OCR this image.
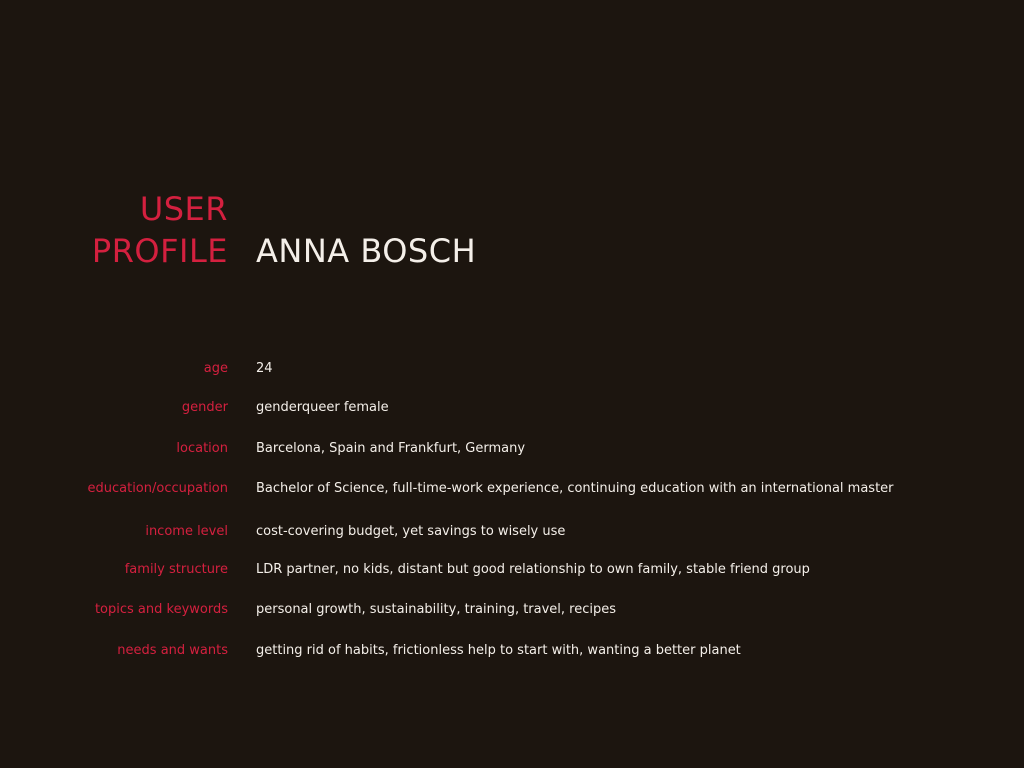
USER
PROFILE ANNA BOSCH
age 24
gender genderqueer female
location Barcelona, Spain and Frankfurt, Germany
education/occupation Bachelor of Science, full-time-work experience, continuing education with an international master
income level cost-covering budget, yet savings to wisely use
family structure LDR partner, no kids, distant but good relationship to own family, stable friend group
topics and keywords personal growth, sustainability, training, travel, recipes
needs and wants getting rid of habits, frictionless help to start with, wanting a better planet
